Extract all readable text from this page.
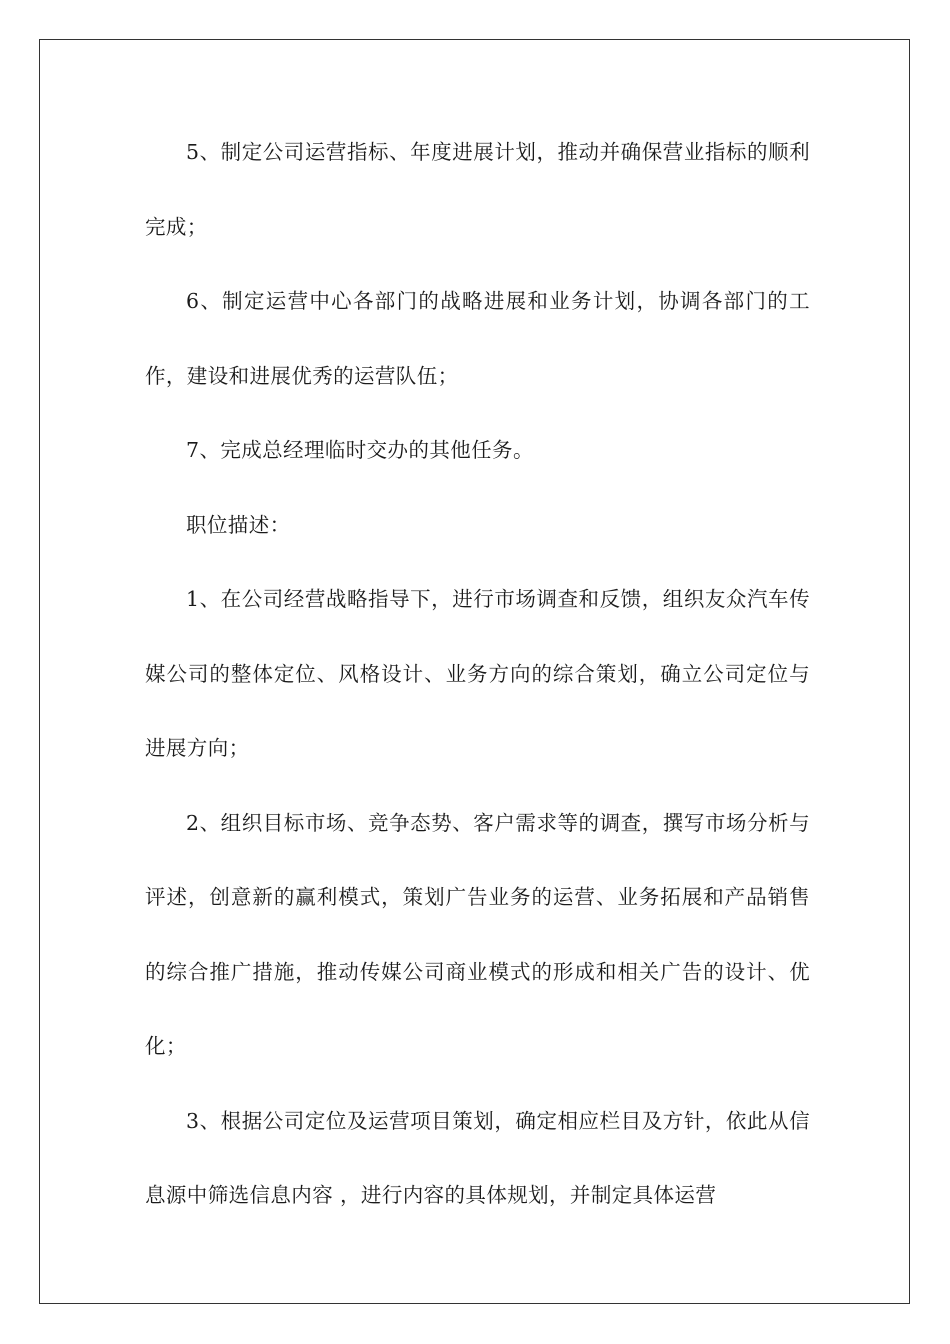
5、制定公司运营指标、年度进展计划，推动并确保营业指标的顺利完成；

6、制定运营中心各部门的战略进展和业务计划，协调各部门的工作，建设和进展优秀的运营队伍；

7、完成总经理临时交办的其他任务。

职位描述：

1、在公司经营战略指导下，进行市场调查和反馈，组织友众汽车传媒公司的整体定位、风格设计、业务方向的综合策划，确立公司定位与进展方向；

2、组织目标市场、竞争态势、客户需求等的调查，撰写市场分析与评述，创意新的赢利模式，策划广告业务的运营、业务拓展和产品销售的综合推广措施，推动传媒公司商业模式的形成和相关广告的设计、优化；

3、根据公司定位及运营项目策划，确定相应栏目及方针，依此从信息源中筛选信息内容 ，进行内容的具体规划，并制定具体运营
